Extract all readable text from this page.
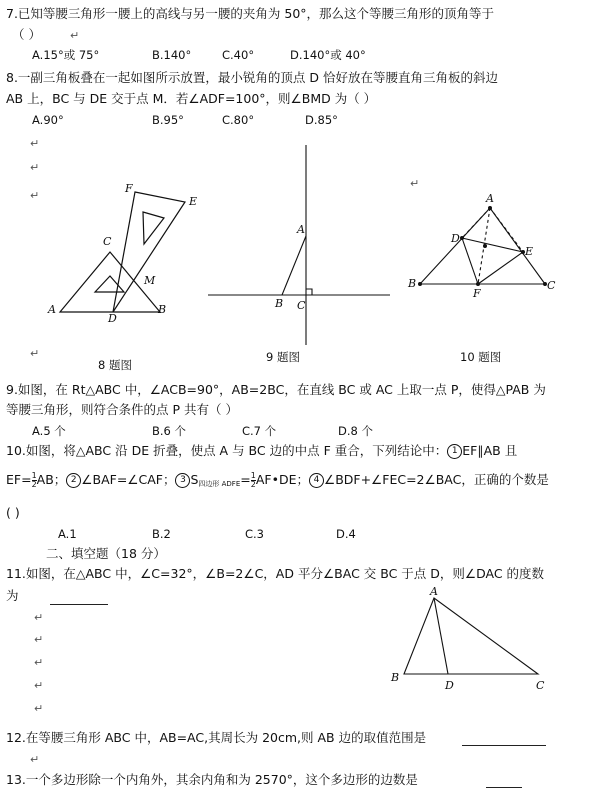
7.已知等腰三角形一腰上的高线与另一腰的夹角为 50°，那么这个等腰三角形的顶角等于
（ ）	↵
A.15°或 75°	B.140°	C.40°	D.140°或 40°
8.一副三角板叠在一起如图所示放置，最小锐角的顶点 D 恰好放在等腰直角三角板的斜边
AB 上，BC 与 DE 交于点 M．若∠ADF=100°，则∠BMD 为（ ）
A.90°	B.95°	C.80°	D.85°
↵
↵
↵
↵
F
E
C
M
A
D
B
8 题图
A
B C
9 题图
↵
A
D
E
B
F
C
10 题图
9.如图，在 Rt△ABC 中，∠ACB=90°，AB=2BC，在直线 BC 或 AC 上取一点 P，使得△PAB 为
等腰三角形，则符合条件的点 P 共有（ ）
A.5 个	B.6 个	C.7 个	D.8 个
10.如图，将△ABC 沿 DE 折叠，使点 A 与 BC 边的中点 F 重合，下列结论中： 1 EF∥AB 且
$EF= \frac{1}{2}$ AB； 2 ∠BAF=∠CAF； 3 $S_{四边形 ADFE}= \frac{1}{2}$ AF•DE； 4 ∠BDF+∠FEC=2∠BAC，正确的个数是
( )
A.1	B.2	C.3	D.4
二、填空题（18 分）
11.如图，在△ABC 中，∠C=32°，∠B=2∠C，AD 平分∠BAC 交 BC 于点 D，则∠DAC 的度数
为
↵
↵
↵
↵
↵
A
B
D	C
12.在等腰三角形 ABC 中，AB=AC,其周长为 20cm,则 AB 边的取值范围是
↵
13.一个多边形除一个内角外，其余内角和为 2570°，这个多边形的边数是
